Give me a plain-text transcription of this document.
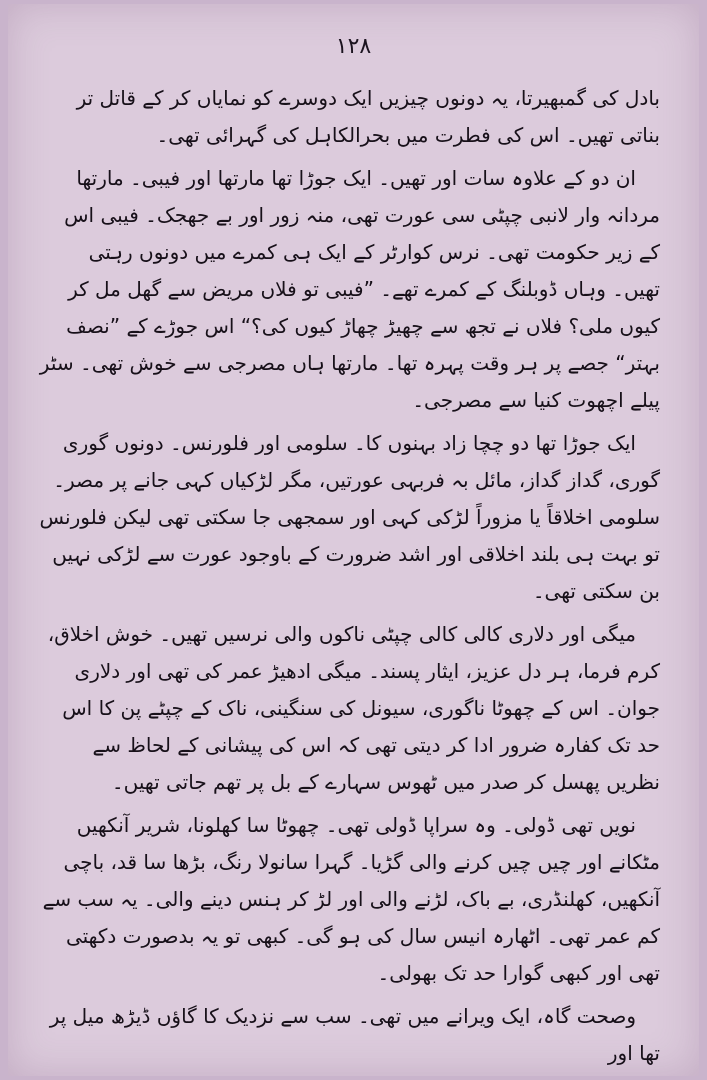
۱۲۸

بادل کی گمبھیرتا، یہ دونوں چیزیں ایک دوسرے کو نمایاں کر کے قاتل تر بناتی تھیں۔ اس کی فطرت میں بحرالکاہل کی گہرائی تھی۔

ان دو کے علاوہ سات اور تھیں۔ ایک جوڑا تھا مارتھا اور فیبی۔ مارتھا مردانہ وار لانبی چپٹی سی عورت تھی، منہ زور اور بے جھجک۔ فیبی اس کے زیر حکومت تھی۔ نرس کوارٹر کے ایک ہی کمرے میں دونوں رہتی تھیں۔ وہاں ڈوبلنگ کے کمرے تھے۔ ”فیبی تو فلاں مریض سے گھل مل کر کیوں ملی؟ فلاں نے تجھ سے چھیڑ چھاڑ کیوں کی؟“ اس جوڑے کے ”نصف بہتر“ جصے پر ہر وقت پہرہ تھا۔ مارتھا ہاں مصرجی سے خوش تھی۔ سٹر پیلے اچھوت کنیا سے مصرجی۔

ایک جوڑا تھا دو چچا زاد بہنوں کا۔ سلومی اور فلورنس۔ دونوں گوری گوری، گداز گداز، مائل بہ فربہی عورتیں، مگر لڑکیاں کہی جانے پر مصر۔ سلومی اخلاقاً یا مزوراً لڑکی کہی اور سمجھی جا سکتی تھی لیکن فلورنس تو بہت ہی بلند اخلاقی اور اشد ضرورت کے باوجود عورت سے لڑکی نہیں بن سکتی تھی۔

میگی اور دلاری کالی کالی چپٹی ناکوں والی نرسیں تھیں۔ خوش اخلاق، کرم فرما، ہر دل عزیز، ایثار پسند۔ میگی ادھیڑ عمر کی تھی اور دلاری جوان۔ اس کے چھوٹا ناگوری، سیونل کی سنگینی، ناک کے چپٹے پن کا اس حد تک کفارہ ضرور ادا کر دیتی تھی کہ اس کی پیشانی کے لحاظ سے نظریں پھسل کر صدر میں ٹھوس سہارے کے بل پر تھم جاتی تھیں۔

نویں تھی ڈولی۔ وہ سراپا ڈولی تھی۔ چھوٹا سا کھلونا، شریر آنکھیں مٹکانے اور چیں چیں کرنے والی گڑیا۔ گہرا سانولا رنگ، بڑھا سا قد، باچی آنکھیں، کھلنڈری، بے باک، لڑنے والی اور لڑ کر ہنس دینے والی۔ یہ سب سے کم عمر تھی۔ اٹھارہ انیس سال کی ہو گی۔ کبھی تو یہ بدصورت دکھتی تھی اور کبھی گوارا حد تک بھولی۔

وصحت گاہ، ایک ویرانے میں تھی۔ سب سے نزدیک کا گاؤں ڈیڑھ میل پر تھا اور
